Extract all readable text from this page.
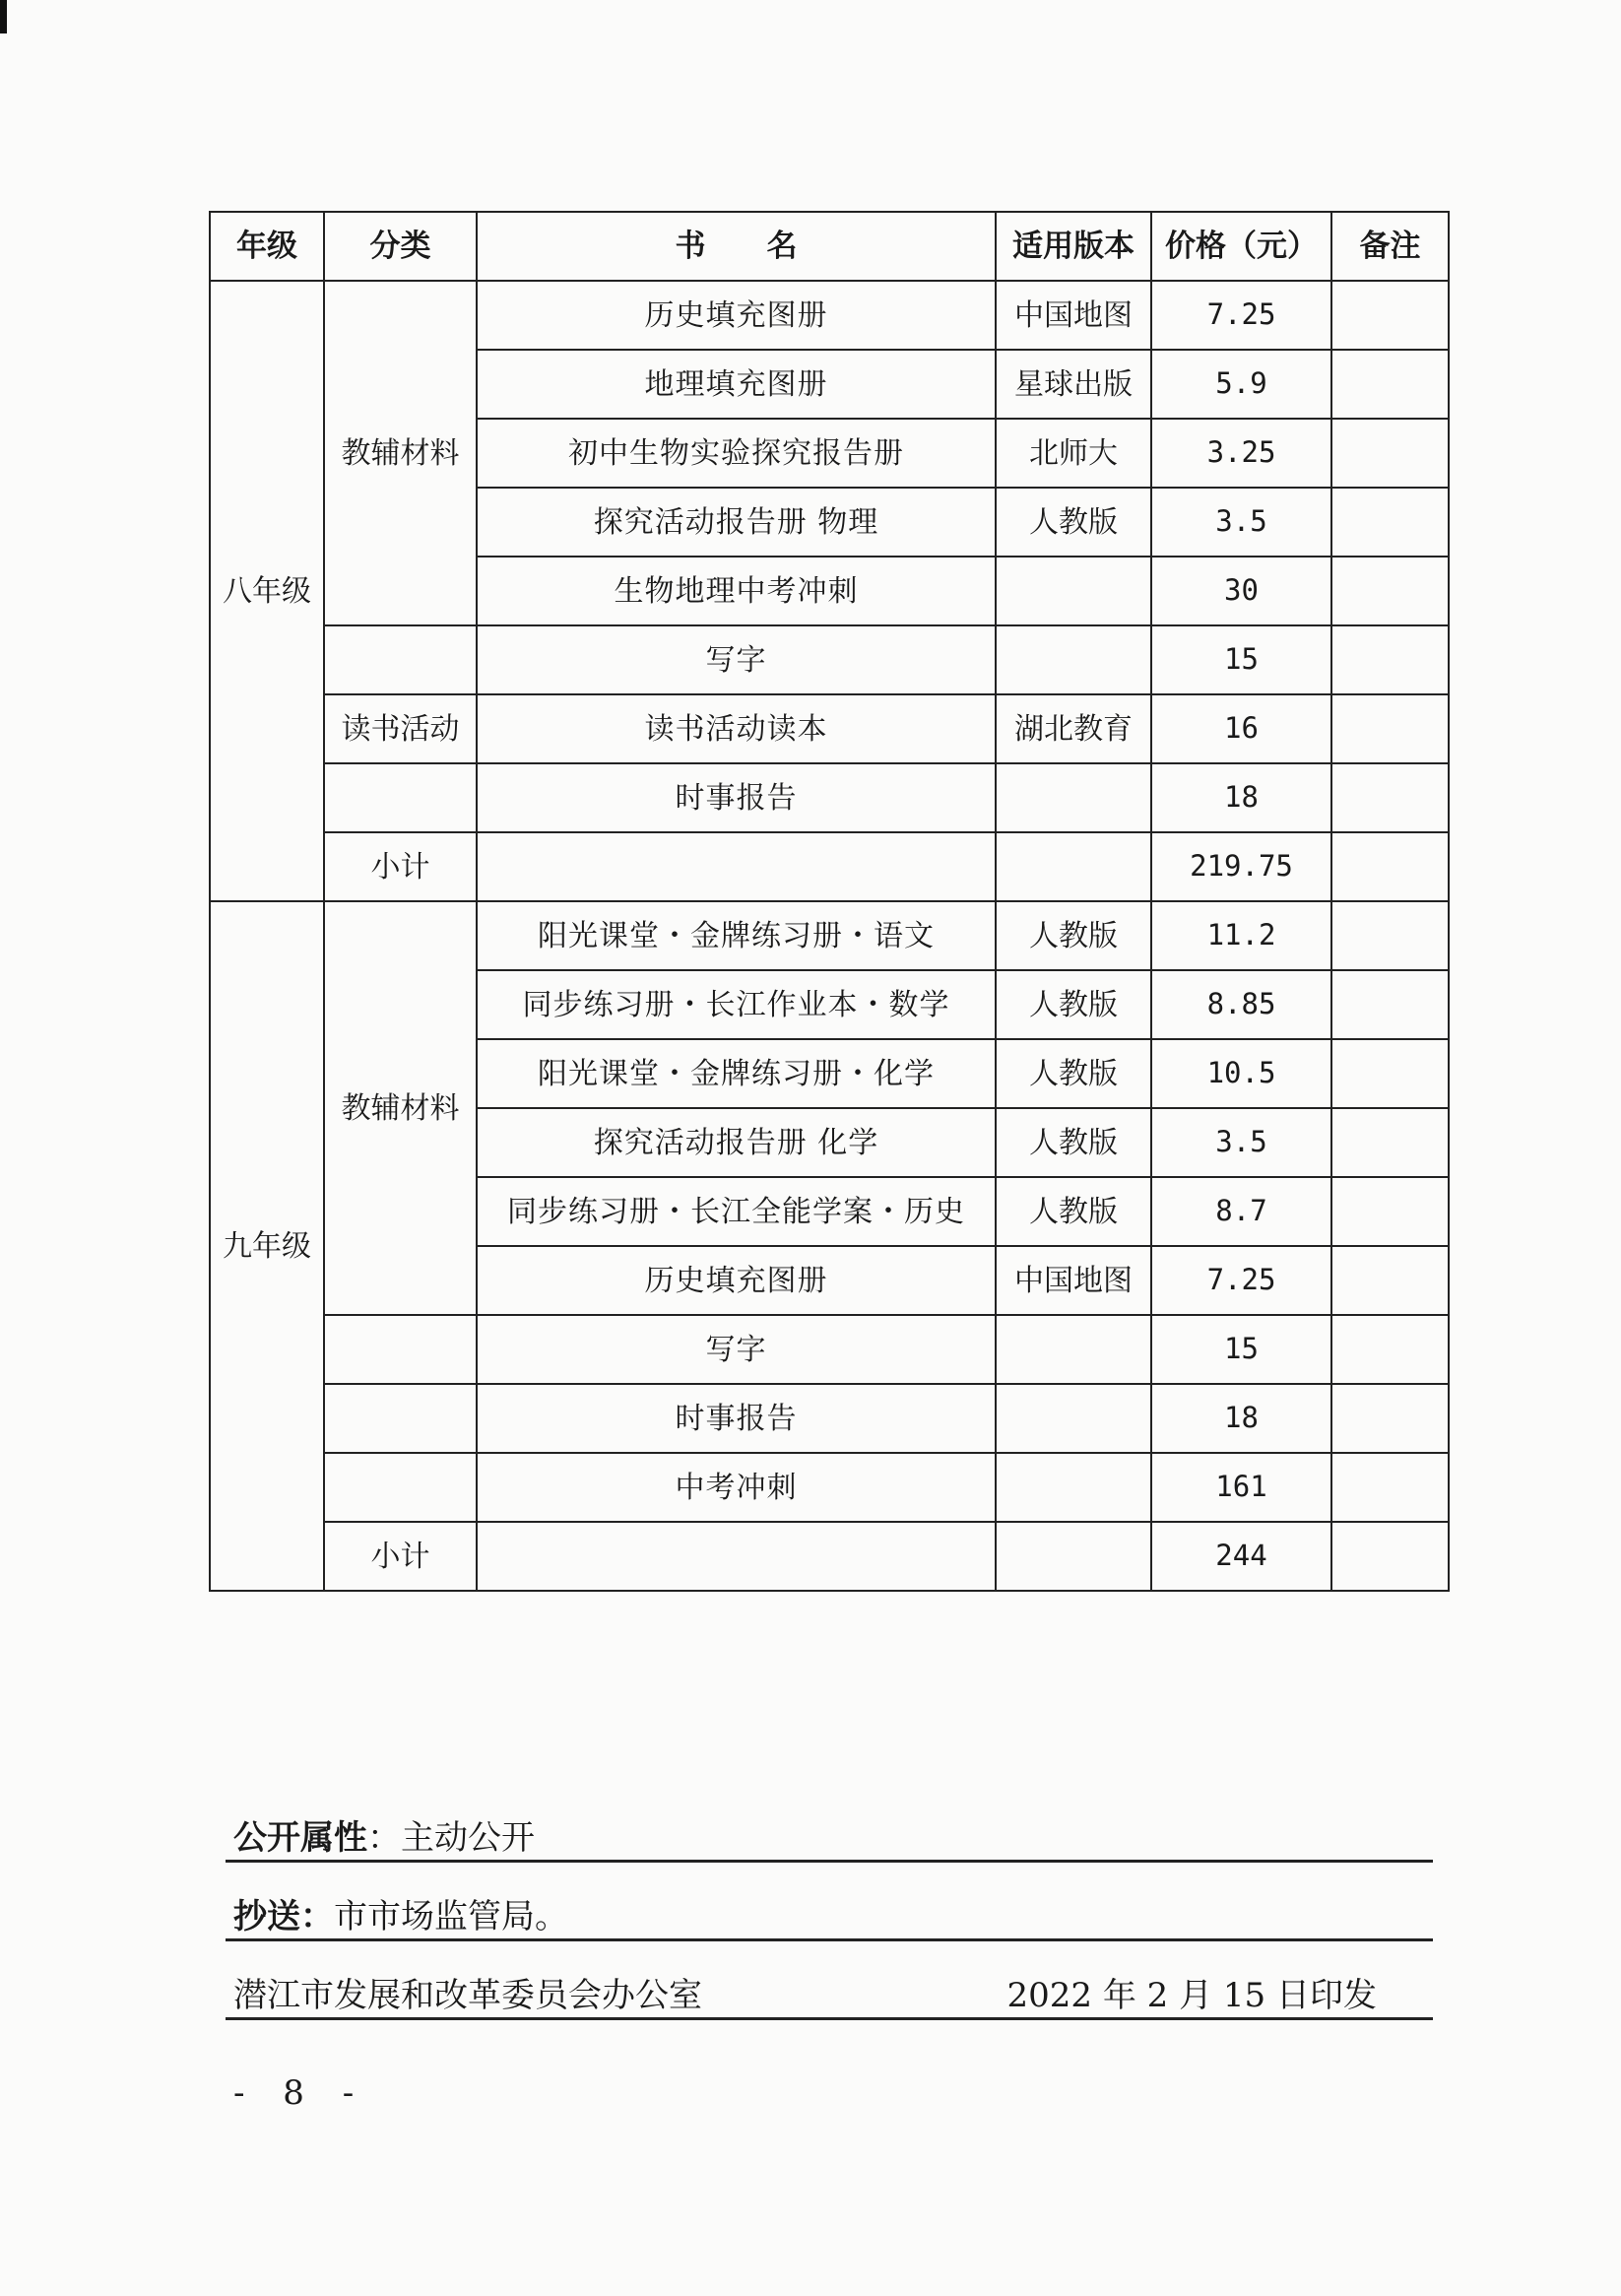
年级	分类	书　　名	适用版本	价格（元）	备注
八年级	教辅材料	历史填充图册	中国地图	7.25	
		地理填充图册	星球出版	5.9	
		初中生物实验探究报告册	北师大	3.25	
		探究活动报告册 物理	人教版	3.5	
		生物地理中考冲刺		30	
		写字		15	
	读书活动	读书活动读本	湖北教育	16	
		时事报告		18	
	小计			219.75	
九年级	教辅材料	阳光课堂・金牌练习册・语文	人教版	11.2	
		同步练习册・长江作业本・数学	人教版	8.85	
		阳光课堂・金牌练习册・化学	人教版	10.5	
		探究活动报告册 化学	人教版	3.5	
		同步练习册・长江全能学案・历史	人教版	8.7	
		历史填充图册	中国地图	7.25	
		写字		15	
		时事报告		18	
		中考冲刺		161	
	小计			244	
公开属性：主动公开
抄送：市市场监管局。
潜江市发展和改革委员会办公室	2022 年 2 月 15 日印发
- 8 -
